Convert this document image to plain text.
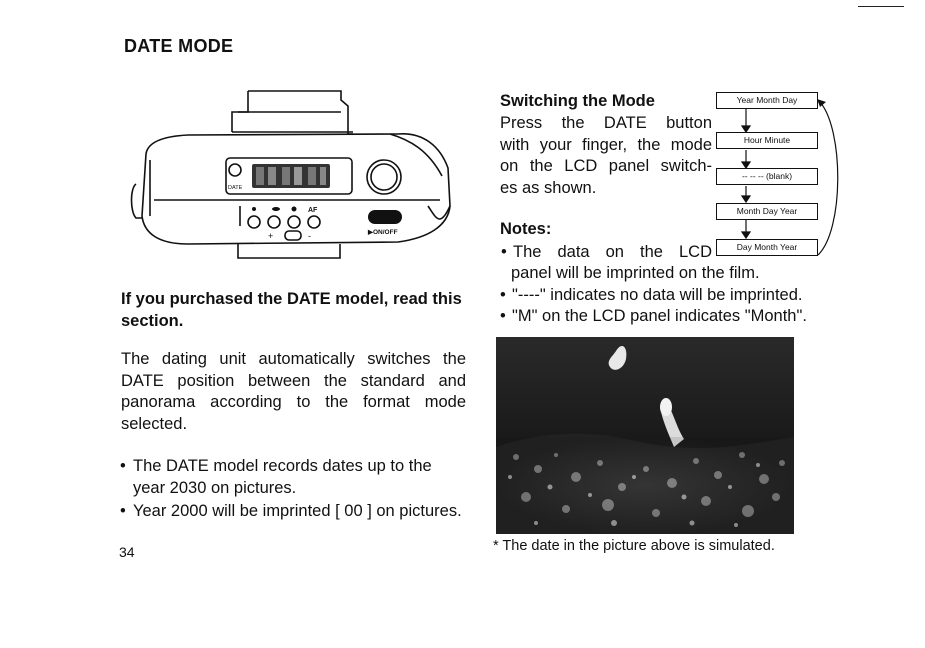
DATE MODE
DATE
AF
▶ON/OFF
+	-
If you purchased the DATE model, read this section.
The dating unit automatically switches the DATE position between the standard and panorama according to the format mode selected.
• The DATE model records dates up to the year 2030 on pictures.
• Year 2000 will be imprinted [ 00 ] on pictures.
34
Switching the Mode
Press the DATE button
with your finger, the mode
on the LCD panel switch-
es as shown.
Year Month Day
Hour Minute
-- -- -- (blank)
Month Day Year
Day Month Year
Notes:
• The data on the LCD
panel will be imprinted on the film.
• "----" indicates no data will be imprinted.
• "M" on the LCD panel indicates "Month".
* The date in the picture above is simulated.
